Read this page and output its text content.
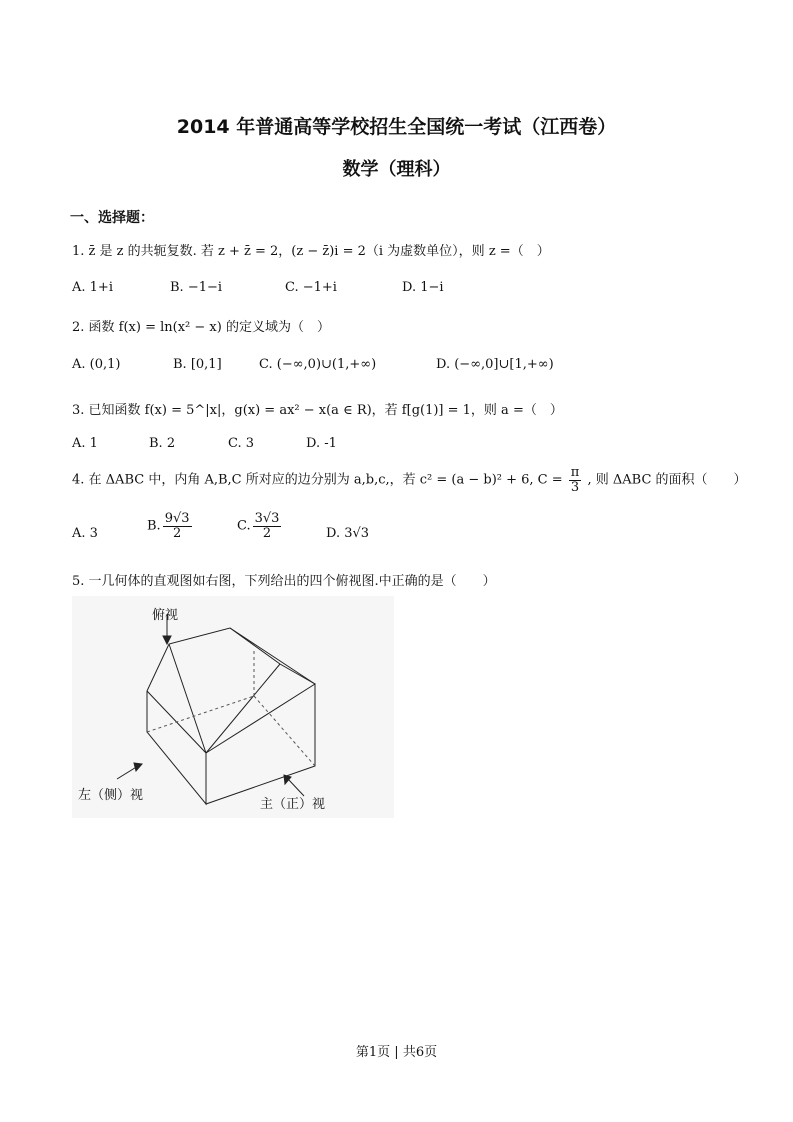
2014 年普通高等学校招生全国统一考试（江西卷）
数学（理科）
一、选择题：
1. z̄ 是 z 的共轭复数. 若 z + z̄ = 2，(z − z̄)i = 2（i 为虚数单位），则 z =（　）
A. 1+i	B. −1−i	C. −1+i	D. 1−i
2. 函数 f(x) = ln(x² − x) 的定义域为（　）
A. (0,1)	B. [0,1]	C. (−∞,0)∪(1,+∞)	D. (−∞,0]∪[1,+∞)
3. 已知函数 f(x) = 5^|x|，g(x) = ax² − x(a ∈ R)，若 f[g(1)] = 1，则 a =（　）
A. 1	B. 2	C. 3	D. -1
4. 在 ΔABC 中，内角 A,B,C 所对应的边分别为 a,b,c,，若 c² = (a − b)² + 6, $C = \frac{\pi}{3}$ , 则 ΔABC 的面积（　　）
A. 3	B. $\frac{9√3}{2}$	C. $\frac{3√3}{2}$	D. 3√3
5. 一几何体的直观图如右图，下列给出的四个俯视图.中正确的是（　　）
俯视
左（侧）视
主（正）视
第1页 | 共6页
